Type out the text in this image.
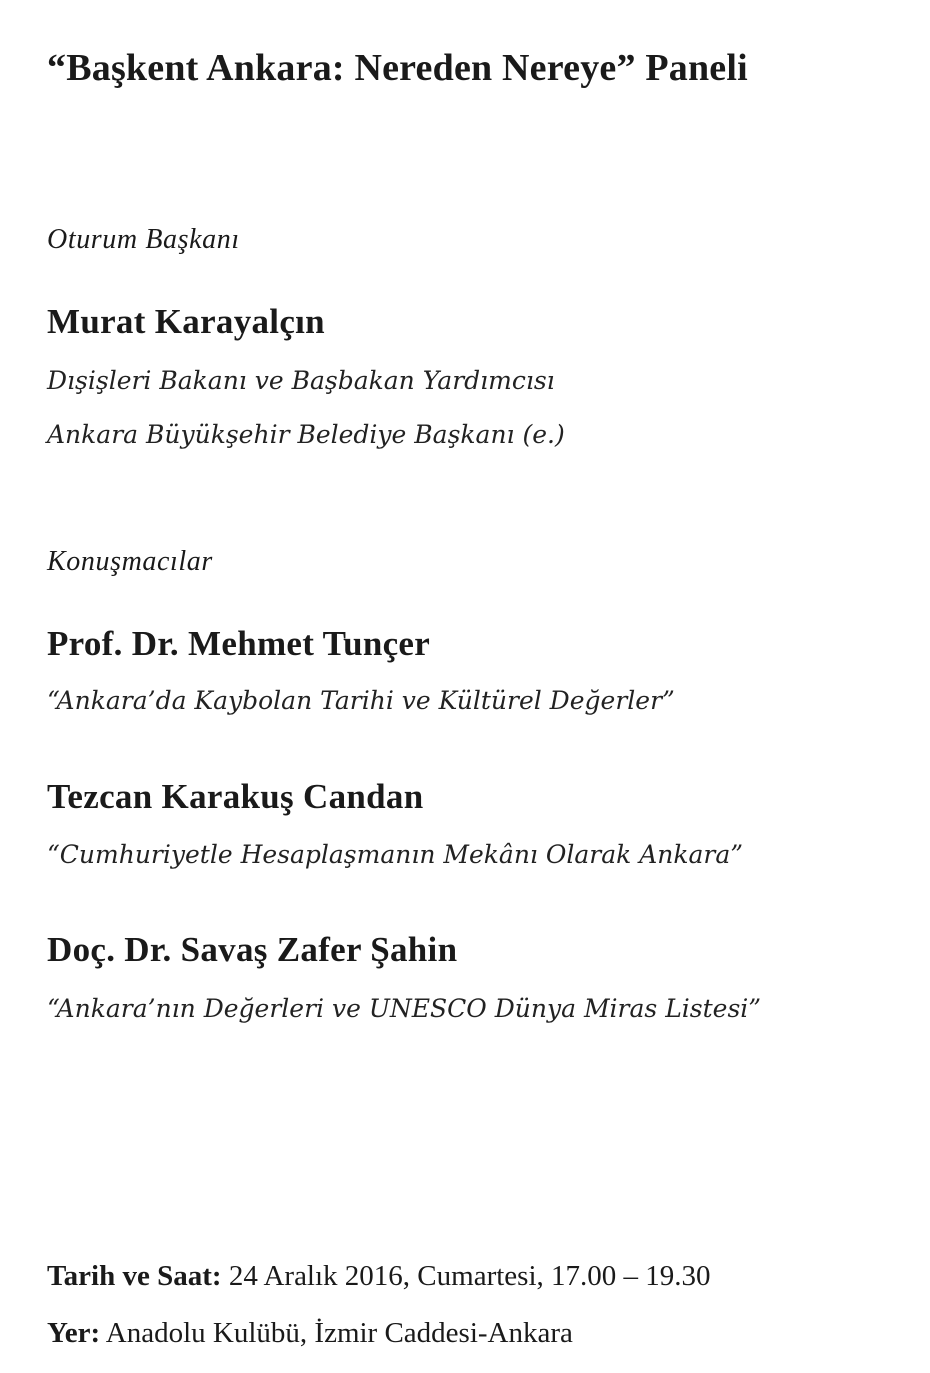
“Başkent Ankara: Nereden Nereye” Paneli
Oturum Başkanı
Murat Karayalçın
Dışişleri Bakanı ve Başbakan Yardımcısı
Ankara Büyükşehir Belediye Başkanı (e.)
Konuşmacılar
Prof. Dr. Mehmet Tunçer
“Ankara’da Kaybolan Tarihi ve Kültürel Değerler”
Tezcan Karakuş Candan
“Cumhuriyetle Hesaplaşmanın Mekânı Olarak Ankara”
Doç. Dr. Savaş Zafer Şahin
“Ankara’nın Değerleri ve UNESCO Dünya Miras Listesi”
Tarih ve Saat: 24 Aralık 2016, Cumartesi, 17.00 – 19.30
Yer: Anadolu Kulübü, İzmir Caddesi-Ankara
